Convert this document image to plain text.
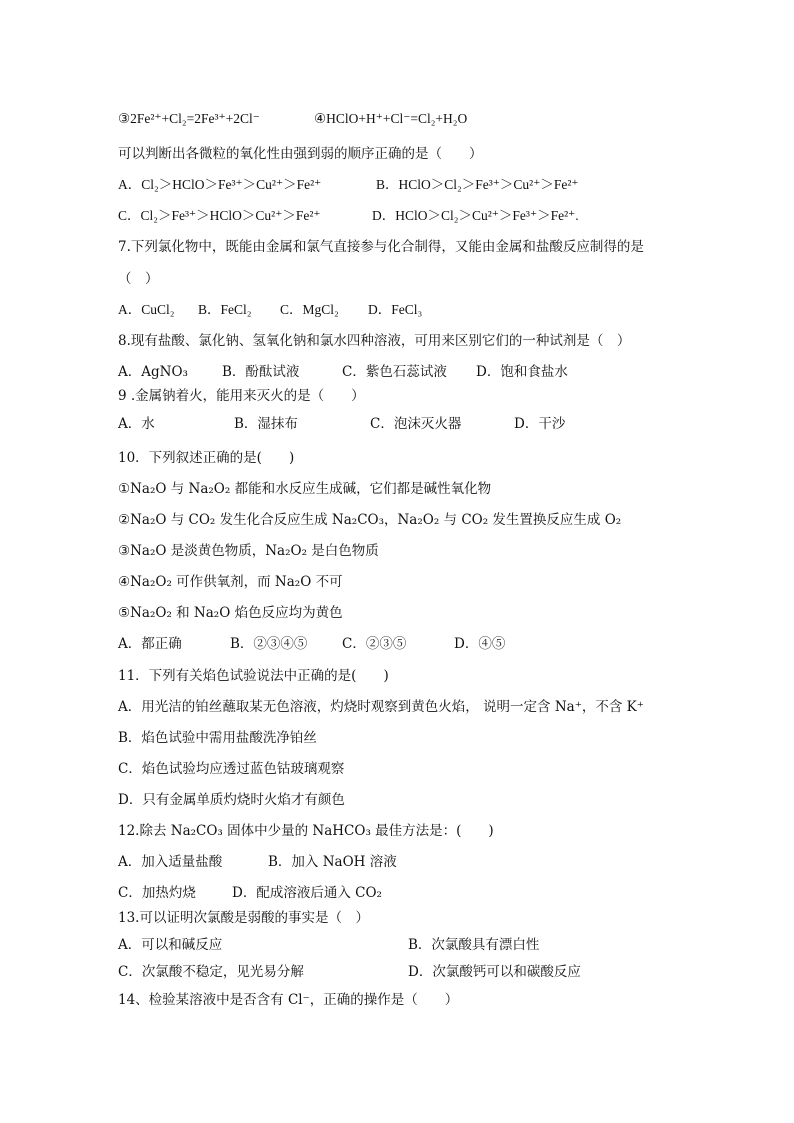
③2Fe²⁺+Cl₂=2Fe³⁺+2Cl⁻	④HClO+H⁺+Cl⁻=Cl₂+H₂O
可以判断出各微粒的氧化性由强到弱的顺序正确的是（　　）
A．Cl₂＞HClO＞Fe³⁺＞Cu²⁺＞Fe²⁺	B．HClO＞Cl₂＞Fe³⁺＞Cu²⁺＞Fe²⁺
C．Cl₂＞Fe³⁺＞HClO＞Cu²⁺＞Fe²⁺	D．HClO＞Cl₂＞Cu²⁺＞Fe³⁺＞Fe²⁺.
7.下列氯化物中，既能由金属和氯气直接参与化合制得，又能由金属和盐酸反应制得的是
（　）
A．CuCl₂ B．FeCl₂ C．MgCl₂ D．FeCl₃
8.现有盐酸、氯化钠、氢氧化钠和氯水四种溶液，可用来区别它们的一种试剂是（　）
A．AgNO₃	B．酚酞试液	C．紫色石蕊试液 D．饱和食盐水
9 .金属钠着火，能用来灭火的是（　　）
A．水	B．湿抹布	C．泡沫灭火器	D．干沙
10．下列叙述正确的是(　　)
①Na₂O 与 Na₂O₂ 都能和水反应生成碱，它们都是碱性氧化物
②Na₂O 与 CO₂ 发生化合反应生成 Na₂CO₃，Na₂O₂ 与 CO₂ 发生置换反应生成 O₂
③Na₂O 是淡黄色物质，Na₂O₂ 是白色物质
④Na₂O₂ 可作供氧剂，而 Na₂O 不可
⑤Na₂O₂ 和 Na₂O 焰色反应均为黄色
A．都正确	B．②③④⑤	C．②③⑤	D．④⑤
11．下列有关焰色试验说法中正确的是(　　)
A．用光洁的铂丝蘸取某无色溶液，灼烧时观察到黄色火焰， 说明一定含 Na⁺，不含 K⁺
B．焰色试验中需用盐酸洗净铂丝
C．焰色试验均应透过蓝色钴玻璃观察
D．只有金属单质灼烧时火焰才有颜色
12.除去 Na₂CO₃ 固体中少量的 NaHCO₃ 最佳方法是：(　　)
A．加入适量盐酸	B．加入 NaOH 溶液
C．加热灼烧	D．配成溶液后通入 CO₂
13.可以证明次氯酸是弱酸的事实是（　）
A．可以和碱反应	B．次氯酸具有漂白性
C．次氯酸不稳定，见光易分解	D．次氯酸钙可以和碳酸反应
14、检验某溶液中是否含有 Cl⁻，正确的操作是（　　）
